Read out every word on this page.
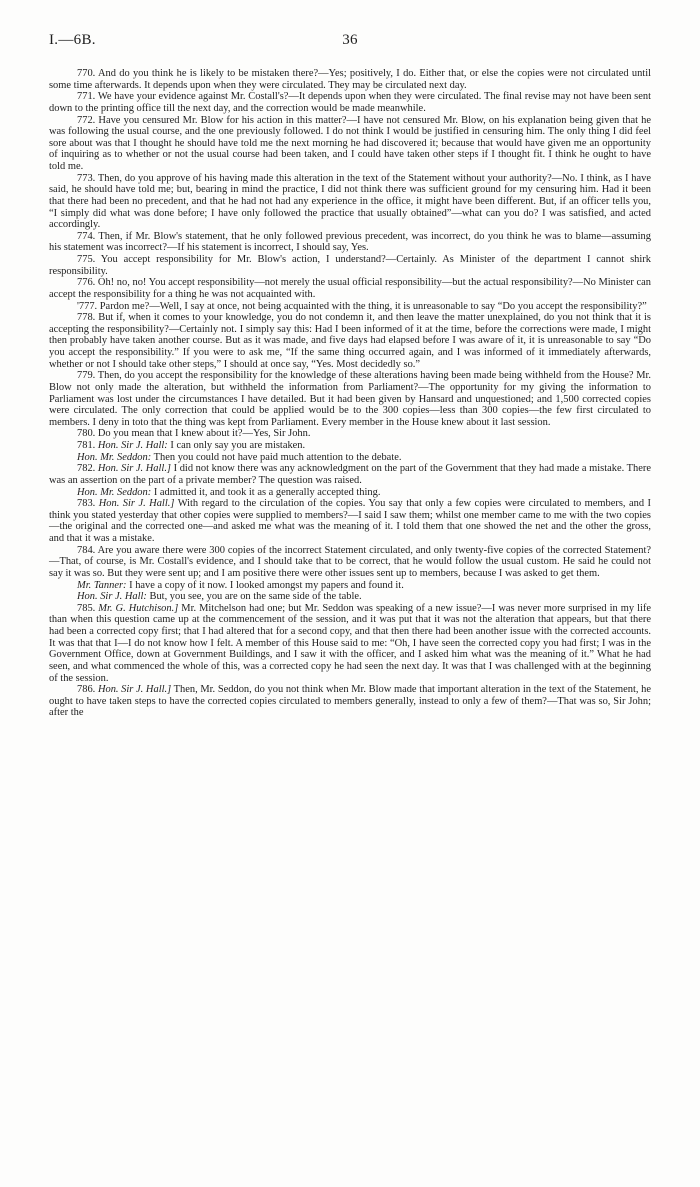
I.—6B.	36

770. And do you think he is likely to be mistaken there?—Yes; positively, I do. Either that, or else the copies were not circulated until some time afterwards. It depends upon when they were circulated. They may be circulated next day.

771. We have your evidence against Mr. Costall's?—It depends upon when they were circulated. The final revise may not have been sent down to the printing office till the next day, and the correction would be made meanwhile.

772. Have you censured Mr. Blow for his action in this matter?—I have not censured Mr. Blow, on his explanation being given that he was following the usual course, and the one previously followed. I do not think I would be justified in censuring him. The only thing I did feel sore about was that I thought he should have told me the next morning he had discovered it; because that would have given me an opportunity of inquiring as to whether or not the usual course had been taken, and I could have taken other steps if I thought fit. I think he ought to have told me.

773. Then, do you approve of his having made this alteration in the text of the Statement without your authority?—No. I think, as I have said, he should have told me; but, bearing in mind the practice, I did not think there was sufficient ground for my censuring him. Had it been that there had been no precedent, and that he had not had any experience in the office, it might have been different. But, if an officer tells you, “I simply did what was done before; I have only followed the practice that usually obtained”—what can you do? I was satisfied, and acted accordingly.

774. Then, if Mr. Blow's statement, that he only followed previous precedent, was incorrect, do you think he was to blame—assuming his statement was incorrect?—If his statement is incorrect, I should say, Yes.

775. You accept responsibility for Mr. Blow's action, I understand?—Certainly. As Minister of the department I cannot shirk responsibility.

776. Oh! no, no! You accept responsibility—not merely the usual official responsibility—but the actual responsibility?—No Minister can accept the responsibility for a thing he was not acquainted with.

'777. Pardon me?—Well, I say at once, not being acquainted with the thing, it is unreasonable to say “Do you accept the responsibility?”

778. But if, when it comes to your knowledge, you do not condemn it, and then leave the matter unexplained, do you not think that it is accepting the responsibility?—Certainly not. I simply say this: Had I been informed of it at the time, before the corrections were made, I might then probably have taken another course. But as it was made, and five days had elapsed before I was aware of it, it is unreasonable to say “Do you accept the responsibility.” If you were to ask me, “If the same thing occurred again, and I was informed of it immediately afterwards, whether or not I should take other steps,” I should at once say, “Yes. Most decidedly so.”

779. Then, do you accept the responsibility for the knowledge of these alterations having been made being withheld from the House? Mr. Blow not only made the alteration, but withheld the information from Parliament?—The opportunity for my giving the information to Parliament was lost under the circumstances I have detailed. But it had been given by Hansard and unquestioned; and 1,500 corrected copies were circulated. The only correction that could be applied would be to the 300 copies—less than 300 copies—the few first circulated to members. I deny in toto that the thing was kept from Parliament. Every member in the House knew about it last session.

780. Do you mean that I knew about it?—Yes, Sir John.

781. Hon. Sir J. Hall: I can only say you are mistaken.

Hon. Mr. Seddon: Then you could not have paid much attention to the debate.

782. Hon. Sir J. Hall.] I did not know there was any acknowledgment on the part of the Government that they had made a mistake. There was an assertion on the part of a private member? The question was raised.

Hon. Mr. Seddon: I admitted it, and took it as a generally accepted thing.

783. Hon. Sir J. Hall.] With regard to the circulation of the copies. You say that only a few copies were circulated to members, and I think you stated yesterday that other copies were supplied to members?—I said I saw them; whilst one member came to me with the two copies—the original and the corrected one—and asked me what was the meaning of it. I told them that one showed the net and the other the gross, and that it was a mistake.

784. Are you aware there were 300 copies of the incorrect Statement circulated, and only twenty-five copies of the corrected Statement?—That, of course, is Mr. Costall's evidence, and I should take that to be correct, that he would follow the usual custom. He said he could not say it was so. But they were sent up; and I am positive there were other issues sent up to members, because I was asked to get them.

Mr. Tanner: I have a copy of it now. I looked amongst my papers and found it.

Hon. Sir J. Hall: But, you see, you are on the same side of the table.

785. Mr. G. Hutchison.] Mr. Mitchelson had one; but Mr. Seddon was speaking of a new issue?—I was never more surprised in my life than when this question came up at the commencement of the session, and it was put that it was not the alteration that appears, but that there had been a corrected copy first; that I had altered that for a second copy, and that then there had been another issue with the corrected accounts. It was that that I—I do not know how I felt. A member of this House said to me: “Oh, I have seen the corrected copy you had first; I was in the Government Office, down at Government Buildings, and I saw it with the officer, and I asked him what was the meaning of it.” What he had seen, and what commenced the whole of this, was a corrected copy he had seen the next day. It was that I was challenged with at the beginning of the session.

786. Hon. Sir J. Hall.] Then, Mr. Seddon, do you not think when Mr. Blow made that important alteration in the text of the Statement, he ought to have taken steps to have the corrected copies circulated to members generally, instead to only a few of them?—That was so, Sir John; after the
